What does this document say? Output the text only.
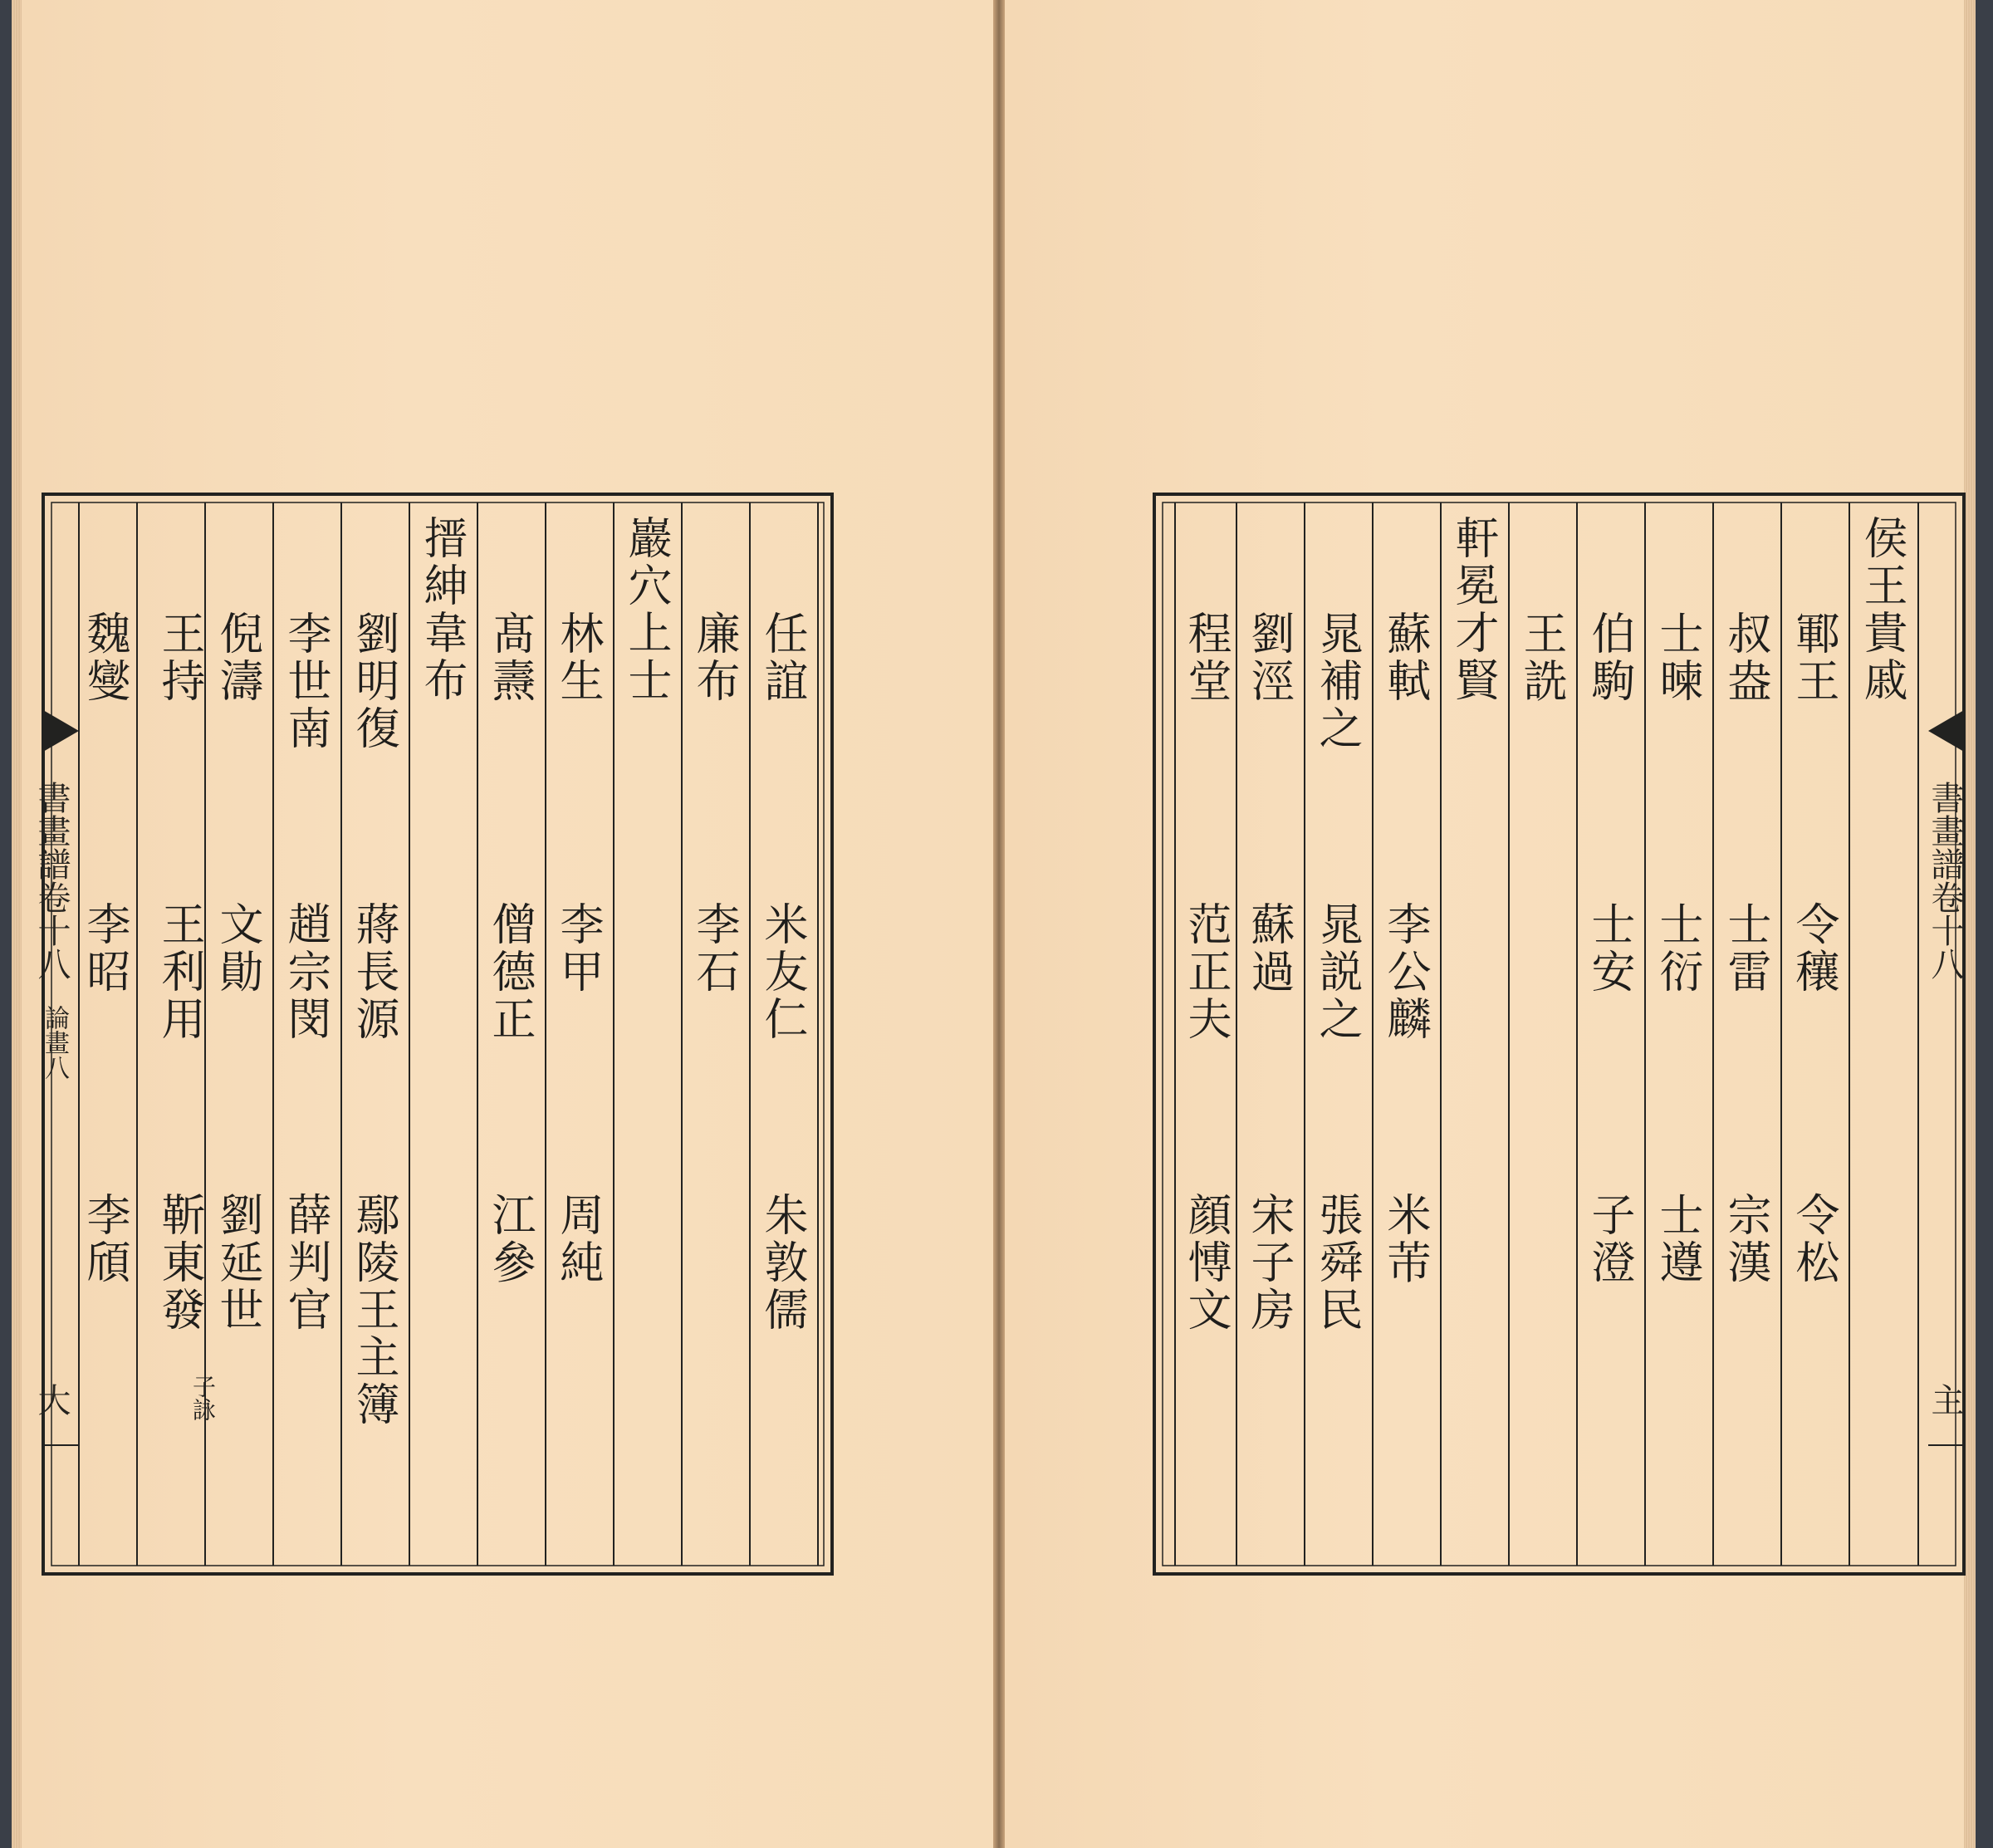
任誼
米友仁
朱敦儒
廉布
李石
巖穴上士
林生
李甲
周純
髙燾
僧德正
江參
搢紳韋布
劉明復
蔣長源
鄢陵王主簿
李世南
趙宗閔
薛判官
倪濤
文勛
劉延世
王持
王利用
靳東發
子詠
魏燮
李昭
李頎
書畫譜卷十八
論畫八
大
侯王貴戚
鄆王
令穰
令松
叔盎
士雷
宗漢
士暕
士衍
士遵
伯駒
士安
子澄
王詵
軒冕才賢
蘇軾
李公麟
米芾
晁補之
晁説之
張舜民
劉涇
蘇過
宋子房
程堂
范正夫
顔愽文
書畫譜卷十八
主
